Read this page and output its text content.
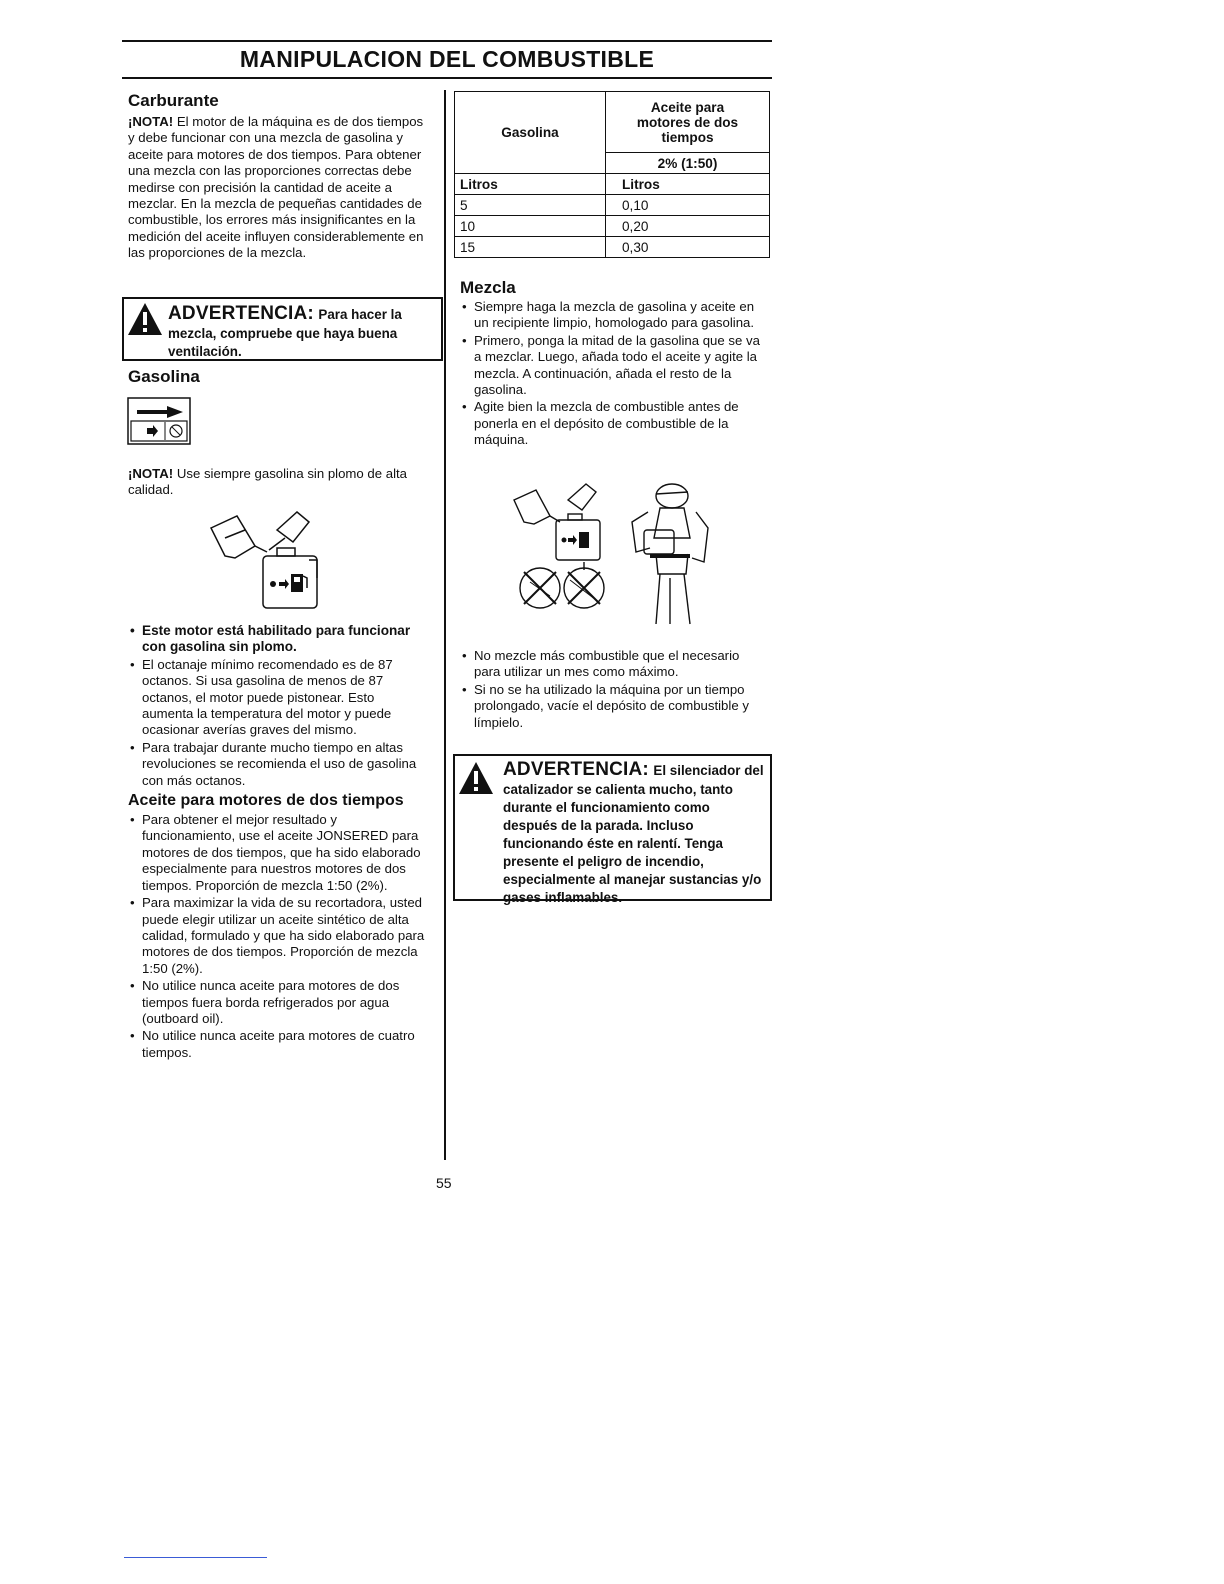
MANIPULACION DEL COMBUSTIBLE

Carburante

¡NOTA! El motor de la máquina es de dos tiempos y debe funcionar con una mezcla de gasolina y aceite para motores de dos tiempos. Para obtener una mezcla con las proporciones correctas debe medirse con precisión la cantidad de aceite a mezclar. En la mezcla de pequeñas cantidades de combustible, los errores más insignificantes en la medición del aceite influyen considerablemente en las proporciones de la mezcla.

ADVERTENCIA: Para hacer la mezcla, compruebe que haya buena ventilación.

Gasolina

¡NOTA! Use siempre gasolina sin plomo de alta calidad.

• Este motor está habilitado para funcionar con gasolina sin plomo.
• El octanaje mínimo recomendado es de 87 octanos. Si usa gasolina de menos de 87 octanos, el motor puede pistonear. Esto aumenta la temperatura del motor y puede ocasionar averías graves del mismo.
• Para trabajar durante mucho tiempo en altas revoluciones se recomienda el uso de gasolina con más octanos.

Aceite para motores de dos tiempos

• Para obtener el mejor resultado y funcionamiento, use el aceite JONSERED para motores de dos tiempos, que ha sido elaborado especialmente para nuestros motores de dos tiempos. Proporción de mezcla 1:50 (2%).
• Para maximizar la vida de su recortadora, usted puede elegir utilizar un aceite sintético de alta calidad, formulado y que ha sido elaborado para motores de dos tiempos. Proporción de mezcla 1:50 (2%).
• No utilice nunca aceite para motores de dos tiempos fuera borda refrigerados por agua (outboard oil).
• No utilice nunca aceite para motores de cuatro tiempos.
Gasolina	Aceite para motores de dos tiempos
	2% (1:50)
Litros	Litros
5	0,10
10	0,20
15	0,30

Mezcla

• Siempre haga la mezcla de gasolina y aceite en un recipiente limpio, homologado para gasolina.
• Primero, ponga la mitad de la gasolina que se va a mezclar. Luego, añada todo el aceite y agite la mezcla. A continuación, añada el resto de la gasolina.
• Agite bien la mezcla de combustible antes de ponerla en el depósito de combustible de la máquina.
• No mezcle más combustible que el necesario para utilizar un mes como máximo.
• Si no se ha utilizado la máquina por un tiempo prolongado, vacíe el depósito de combustible y límpielo.
ADVERTENCIA: El silenciador del catalizador se calienta mucho, tanto durante el funcionamiento como después de la parada. Incluso funcionando éste en ralentí. Tenga presente el peligro de incendio, especialmente al manejar sustancias y/o gases inflamables.
55
